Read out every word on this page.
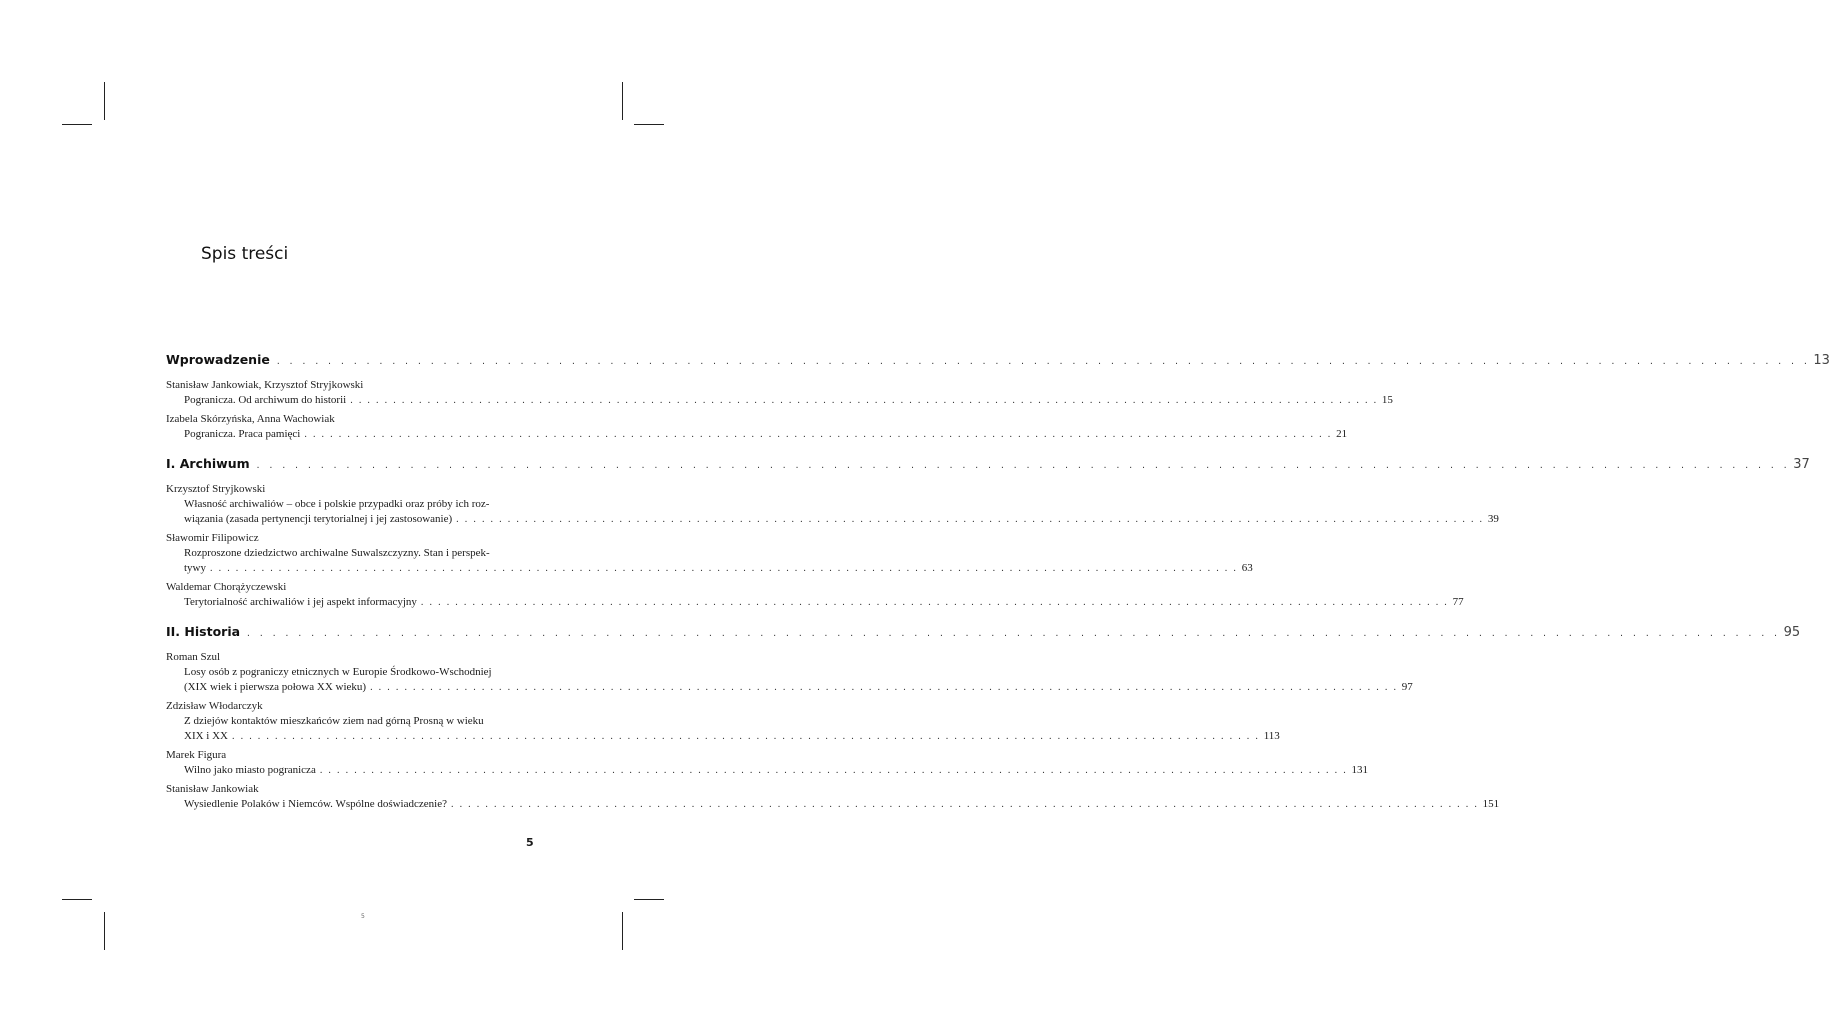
Spis treści
Wprowadzenie . . . . . . . . . . . . . . . . . . . . . . . . . . . . . . . . . . . . . . . . . . . . . . . . . . . . . . . . . . . . . . . . . . . . . . . . . . . . . . . . . . . . . . . . . . . . . . . . . . . . . . . . . . . . . . . . . . . . . . . . 13
Stanisław Jankowiak, Krzysztof Stryjkowski
Pogranicza. Od archiwum do historii . . . . . . . . . . . . . . . . . . . . . . . . . . . . . . . . . . . . . . . . . . . . . . . . . . . . . . . . . . . . . . . . . . . . . . . . . . . . . . . . . . . . . . . . . . . . . . . . . . . . . . . . . . . . . . . . . . . . . . . . 15
Izabela Skórzyńska, Anna Wachowiak
Pogranicza. Praca pamięci . . . . . . . . . . . . . . . . . . . . . . . . . . . . . . . . . . . . . . . . . . . . . . . . . . . . . . . . . . . . . . . . . . . . . . . . . . . . . . . . . . . . . . . . . . . . . . . . . . . . . . . . . . . . . . . . . . . . . . . . 21
I. Archiwum . . . . . . . . . . . . . . . . . . . . . . . . . . . . . . . . . . . . . . . . . . . . . . . . . . . . . . . . . . . . . . . . . . . . . . . . . . . . . . . . . . . . . . . . . . . . . . . . . . . . . . . . . . . . . . . . . . . . . . . . 37
Krzysztof Stryjkowski
Własność archiwaliów – obce i polskie przypadki oraz próby ich roz-
wiązania (zasada pertynencji terytorialnej i jej zastosowanie) . . . . . . . . . . . . . . . . . . . . . . . . . . . . . . . . . . . . . . . . . . . . . . . . . . . . . . . . . . . . . . . . . . . . . . . . . . . . . . . . . . . . . . . . . . . . . . . . . . . . . . . . . . . . . . . . . . . . . . . . 39
Sławomir Filipowicz
Rozproszone dziedzictwo archiwalne Suwalszczyzny. Stan i perspek-
tywy . . . . . . . . . . . . . . . . . . . . . . . . . . . . . . . . . . . . . . . . . . . . . . . . . . . . . . . . . . . . . . . . . . . . . . . . . . . . . . . . . . . . . . . . . . . . . . . . . . . . . . . . . . . . . . . . . . . . . . . . 63
Waldemar Chorążyczewski
Terytorialność archiwaliów i jej aspekt informacyjny . . . . . . . . . . . . . . . . . . . . . . . . . . . . . . . . . . . . . . . . . . . . . . . . . . . . . . . . . . . . . . . . . . . . . . . . . . . . . . . . . . . . . . . . . . . . . . . . . . . . . . . . . . . . . . . . . . . . . . . . 77
II. Historia . . . . . . . . . . . . . . . . . . . . . . . . . . . . . . . . . . . . . . . . . . . . . . . . . . . . . . . . . . . . . . . . . . . . . . . . . . . . . . . . . . . . . . . . . . . . . . . . . . . . . . . . . . . . . . . . . . . . . . . . 95
Roman Szul
Losy osób z pograniczy etnicznych w Europie Środkowo-Wschodniej
(XIX wiek i pierwsza połowa XX wieku) . . . . . . . . . . . . . . . . . . . . . . . . . . . . . . . . . . . . . . . . . . . . . . . . . . . . . . . . . . . . . . . . . . . . . . . . . . . . . . . . . . . . . . . . . . . . . . . . . . . . . . . . . . . . . . . . . . . . . . . . 97
Zdzisław Włodarczyk
Z dziejów kontaktów mieszkańców ziem nad górną Prosną w wieku
XIX i XX . . . . . . . . . . . . . . . . . . . . . . . . . . . . . . . . . . . . . . . . . . . . . . . . . . . . . . . . . . . . . . . . . . . . . . . . . . . . . . . . . . . . . . . . . . . . . . . . . . . . . . . . . . . . . . . . . . . . . . . . 113
Marek Figura
Wilno jako miasto pogranicza . . . . . . . . . . . . . . . . . . . . . . . . . . . . . . . . . . . . . . . . . . . . . . . . . . . . . . . . . . . . . . . . . . . . . . . . . . . . . . . . . . . . . . . . . . . . . . . . . . . . . . . . . . . . . . . . . . . . . . . . 131
Stanisław Jankowiak
Wysiedlenie Polaków i Niemców. Wspólne doświadczenie? . . . . . . . . . . . . . . . . . . . . . . . . . . . . . . . . . . . . . . . . . . . . . . . . . . . . . . . . . . . . . . . . . . . . . . . . . . . . . . . . . . . . . . . . . . . . . . . . . . . . . . . . . . . . . . . . . . . . . . . . 151
5
5
